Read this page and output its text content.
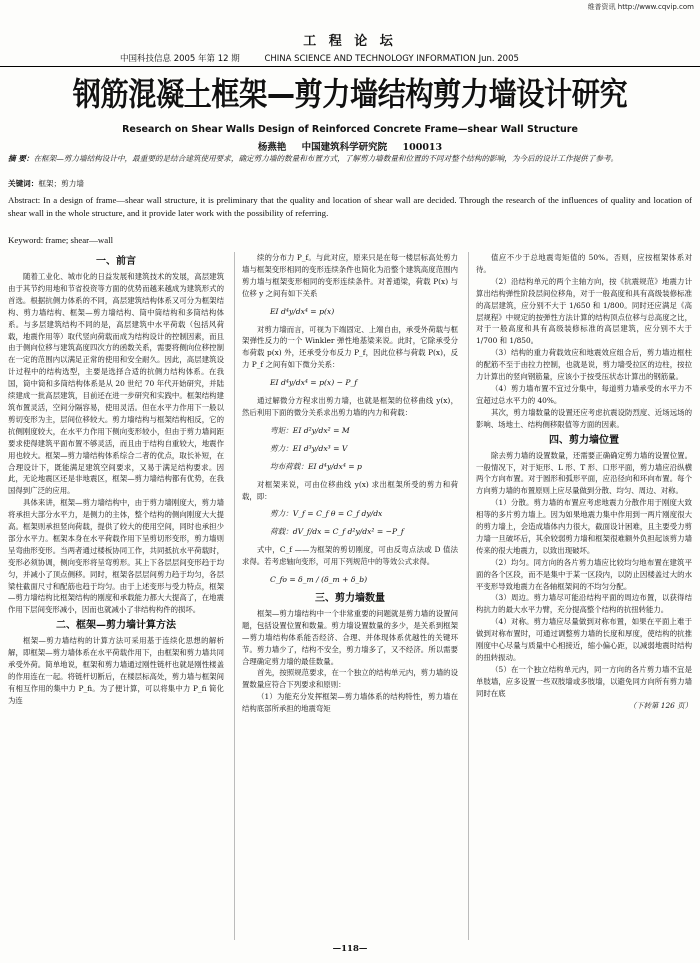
维普资讯 http://www.cqvip.com
工 程 论 坛
中国科技信息 2005 年第 12 期	CHINA SCIENCE AND TECHNOLOGY INFORMATION Jun. 2005
钢筋混凝土框架—剪力墙结构剪力墙设计研究
Research on Shear Walls Design of Reinforced Concrete Frame—shear Wall Structure
杨燕艳 中国建筑科学研究院 100013
摘 要：在框架—剪力墙结构设计中，最重要的是结合建筑使用要求，确定剪力墙的数量和布置方式，了解剪力墙数量和位置的不同对整个结构的影响，为今后的设计工作提供了参考。
关键词：框架；剪力墙
Abstract: In a design of frame—shear wall structure, it is preliminary that the quality and location of shear wall are decided. Through the research of the influences of quality and location of shear wall in the whole structure, and it provide later work with the possibility of referring.
Keyword: frame; shear—wall
一、前言

随着工业化、城市化的日益发展和建筑技术的发展，高层建筑由于其节约用地和节省投资等方面的优势而越来越成为建筑形式的首选。根据抗侧力体系的不同，高层建筑结构体系又可分为框架结构、剪力墙结构、框架—剪力墙结构、筒中筒结构和多筒结构体系。与多层建筑结构不同的是，高层建筑中水平荷载（包括风荷载，地震作用等）取代竖向荷载而成为结构设计的控制因素，而且由于侧向位移与建筑高度四次方的函数关系，需要将侧向位移控制在一定的范围内以满足正常的使用和安全耐久。因此，高层建筑设计过程中的结构选型，主要是选择合适的抗侧力结构体系。在我国，筒中筒和多筒结构体系是从 20 世纪 70 年代开始研究，并陆续建成一批高层建筑，目前还在进一步研究和实践中。框架结构建筑布置灵活，空间分隔容易，使用灵活。但在水平力作用下一般以剪切变形为主，层间位移较大。剪力墙结构与框架结构相反，它的抗侧刚度较大，在水平力作用下侧向变形较小，但由于剪力墙间距要求使得建筑平面布置不够灵活，而且由于结构自重较大，地震作用也较大。框架—剪力墙结构体系综合二者的优点，取长补短，在合理设计下，既能满足建筑空间要求，又易于满足结构要求。因此，无论地震区还是非地震区，框架—剪力墙结构都有优势，在我国得到广泛的应用。

具体来讲，框架—剪力墙结构中，由于剪力墙刚度大，剪力墙将承担大部分水平力，是侧力的主体，整个结构的侧向刚度大大提高。框架则承担竖向荷载，提供了较大的使用空间，同时也承担少部分水平力。框架本身在水平荷载作用下呈剪切形变形，剪力墙则呈弯曲形变形。当两者通过楼板协同工作，共同抵抗水平荷载时，变形必须协调，侧向变形将呈弯剪形。其上下各层层间变形趋于均匀，并减小了顶点侧移。同时，框架各层层间剪力趋于均匀，各层梁柱截面尺寸和配筋也趋于均匀。由于上述变形与受力特点，框架—剪力墙结构比框架结构的刚度和承载能力都大大提高了，在地震作用下层间变形减小，因而也就减小了非结构构件的损坏。

二、框架—剪力墙计算方法

框架—剪力墙结构的计算方法可采用基于连续化思想的解析解，即框架—剪力墙体系在水平荷载作用下，由框架和剪力墙共同承受外荷。简单地说，框架和剪力墙通过刚性链杆也就是刚性楼盖的作用连在一起。将链杆切断后，在楼层标高处，剪力墙与框架间有相互作用的集中力 P_fi。为了便计算，可以将集中力 P_fi 简化为连

续的分布力 P_f。与此对应，原来只是在每一楼层标高处剪力墙与框架变形相同的变形连续条件也简化为沿整个建筑高度范围内剪力墙与框架变形相同的变形连续条件。对普通梁，荷载 P(x) 与位移 y 之间有如下关系

EI d⁴y/dx⁴ = p(x)

对剪力墙而言，可视为下端固定、上端自由，承受外荷载与框架弹性反力的一个 Winkler 弹性地基梁来说。此时，它除承受分布荷载 p(x) 外，还承受分布反力 P_f，因此位移与荷载 P(x)，反力 P_f 之间有如下微分关系：

EI d⁴y/dx⁴ = p(x) − P_f

通过解微分方程求出剪力墙，也就是框架的位移曲线 y(x)，然后利用下面的微分关系求出剪力墙的内力和荷载：

弯矩：EI d²y/dx² = M
剪力：EI d³y/dx³ = V
均布荷载：EI d⁴y/dx⁴ = p

对框架来说，可由位移曲线 y(x) 求出框架所受的剪力和荷载，即：

剪力：V_f = C_f θ = C_f dy/dx
荷载：dV_f/dx = C_f d²y/dx² = −P_f

式中，C_f ——为框架的剪切刚度，可由反弯点法或 D 值法求得。若考虑轴向变形，可用下列规范中的等效公式求得。

C_fo = δ_m / (δ_m + δ_b)
三、剪力墙数量

框架—剪力墙结构中一个非常重要的问题就是剪力墙的设置问题，包括设置位置和数量。剪力墙设置数量的多少，是关系到框架—剪力墙结构体系能否经济、合理、并体现体系优越性的关键环节。剪力墙少了，结构不安全，剪力墙多了，又不经济。所以需要合理确定剪力墙的最佳数量。

首先，按照规范要求，在一个独立的结构单元内，剪力墙的设置数量应符合下列要求和原则：

（1）为能充分发挥框架—剪力墙体系的结构特性，剪力墙在结构底部所承担的地震弯矩

值应不少于总地震弯矩值的 50%。否则，应按框架体系对待。

（2）沿结构单元的两个主轴方向，按《抗震规范》地震力计算出结构弹性阶段层间位移角，对于一般高度和具有高级装修标准的高层建筑，应分别不大于 1/650 和 1/800。同时还应满足《高层规程》中规定的按弹性方法计算的结构顶点位移与总高度之比，对于一般高度和具有高级装修标准的高层建筑，应分别不大于 1/700 和 1/850。

（3）结构的重力荷载效应和地震效应组合后，剪力墙边框柱的配筋不至于由拉力控制，也就是说，剪力墙受拉区的边柱，按拉力计算出的竖向钢筋量，应该小于按受压状态计算出的钢筋量。

（4）剪力墙布置不宜过分集中，每道剪力墙承受的水平力不宜超过总水平力的 40%。

其次，剪力墙数量的设置还应考虑抗震设防烈度、近场远场的影响、场地土、结构侧移限值等方面的因素。

四、剪力墙位置

除去剪力墙的设置数量，还需要正确确定剪力墙的设置位置。一般情况下，对于矩形、L 形、T 形、口形平面，剪力墙应沿纵横两个方向布置。对于圆形和弧形平面，应沿径向和环向布置。每个方向剪力墙的布置原则上应尽量做到分散、均匀、周边、对称。

（1）分散。剪力墙的布置应考虑地震力分散作用于刚度大致相等的多片剪力墙上。因为如果地震力集中作用到一两片刚度很大的剪力墙上，会造成墙体内力很大，截面设计困难，且主要受力剪力墙一旦破坏后，其余较弱剪力墙和框架很难额外负担起该剪力墙传来的很大地震力，以致出现破坏。

（2）均匀。同方向的各片剪力墙应比较均匀地布置在建筑平面的各个区段，而不是集中于某一区段内，以防止因楼盖过大的水平变形导致地震力在各轴框架间的不均匀分配。

（3）周边。剪力墙尽可能沿结构平面的周边布置，以获得结构抗力的最大水平力臂，充分提高整个结构的抗扭转能力。

（4）对称。剪力墙应尽量做到对称布置，如果在平面上难于做到对称布置时，可通过调整剪力墙的长度和厚度，使结构的抗推刚度中心尽量与质量中心相接近，缩小偏心距，以减弱地震时结构的扭转振动。

（5）在一个独立结构单元内，同一方向的各片剪力墙不宜是单肢墙，应多设置一些双肢墙或多肢墙，以避免同方向所有剪力墙同时在底

（下转第 126 页）
—118—
